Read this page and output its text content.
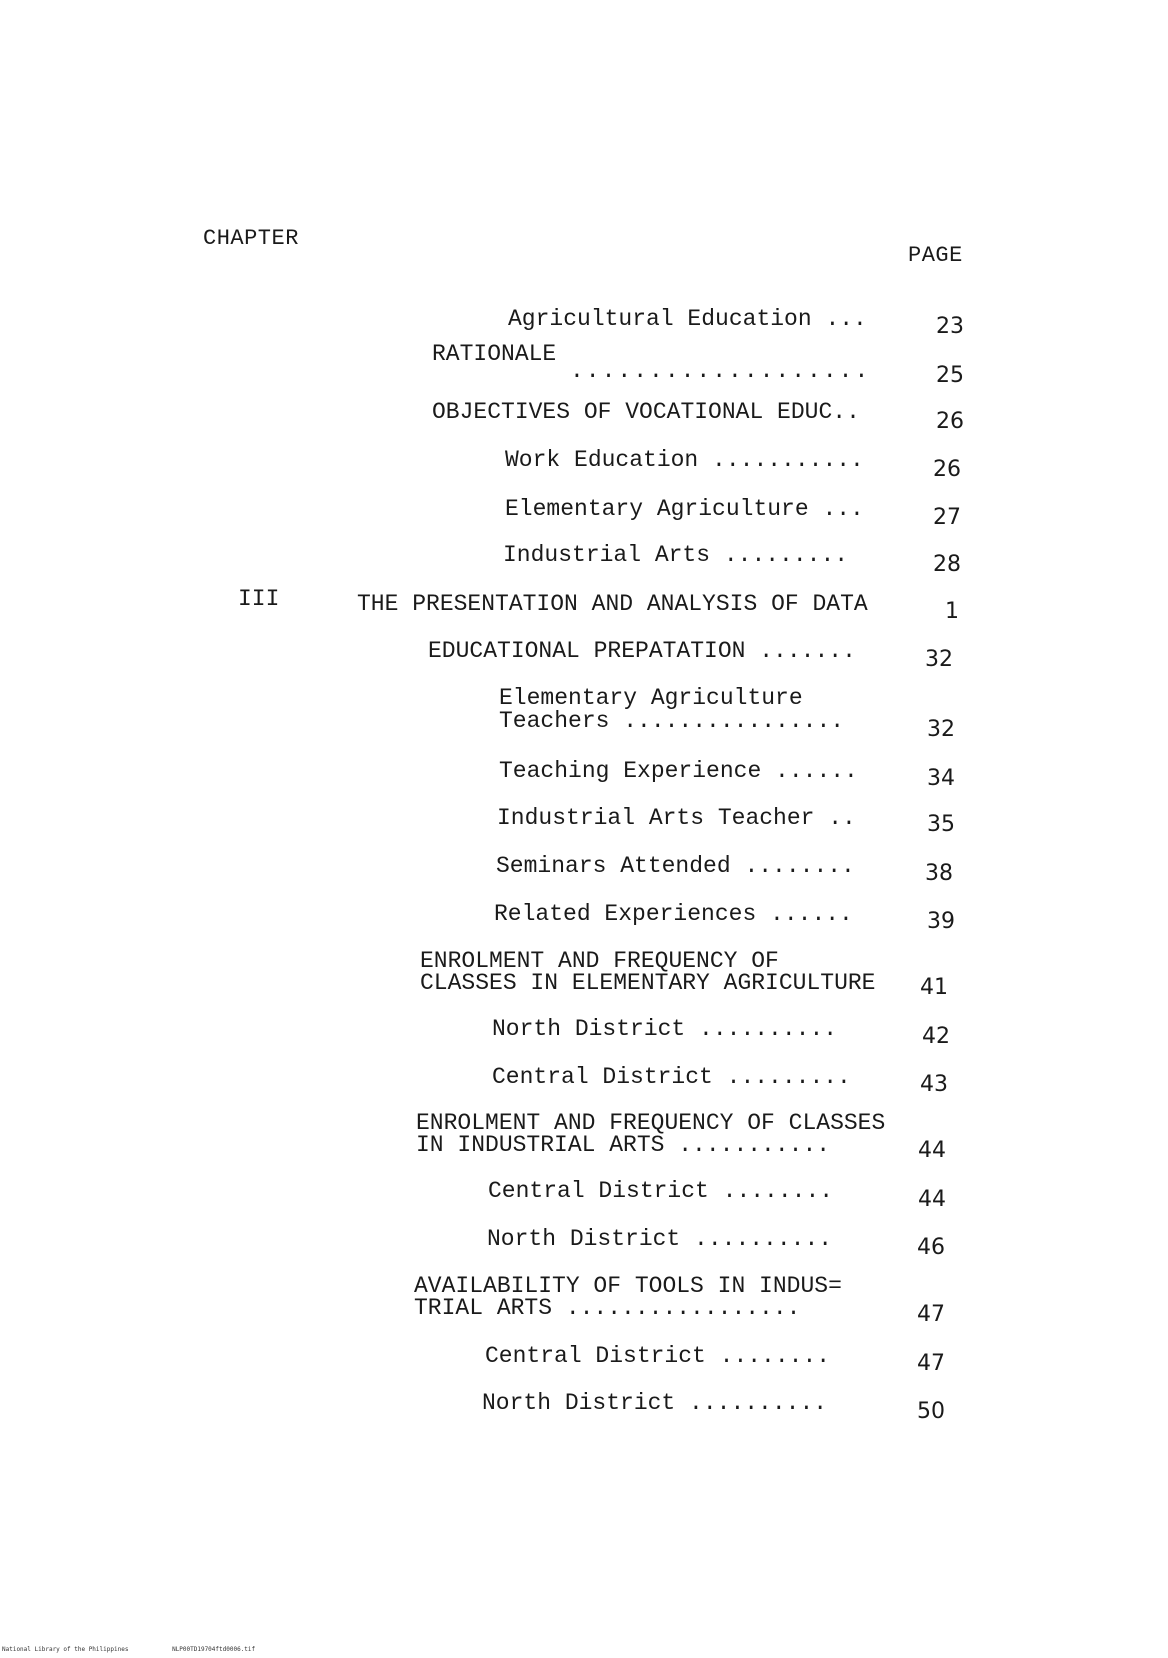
CHAPTER
PAGE
Agricultural Education ...	23
RATIONALE
...................	25
OBJECTIVES OF VOCATIONAL EDUC..	26
Work Education ...........	26
Elementary Agriculture ...	27
Industrial Arts .........	28
III	THE PRESENTATION AND ANALYSIS OF DATA	1
EDUCATIONAL PREPATATION .......	32
Elementary Agriculture
Teachers ................	32
Teaching Experience ......	34
Industrial Arts Teacher ..	35
Seminars Attended ........	38
Related Experiences ......	39
ENROLMENT AND FREQUENCY OF
CLASSES IN ELEMENTARY AGRICULTURE 41
North District ..........	42
Central District .........	43
ENROLMENT AND FREQUENCY OF CLASSES
IN INDUSTRIAL ARTS ...........	44
Central District ........	44
North District ..........	46
AVAILABILITY OF TOOLS IN INDUS=
TRIAL ARTS .................	47
Central District ........	47
North District ..........	50
National Library of the Philippines	NLP00TD19704ftd0006.tif
